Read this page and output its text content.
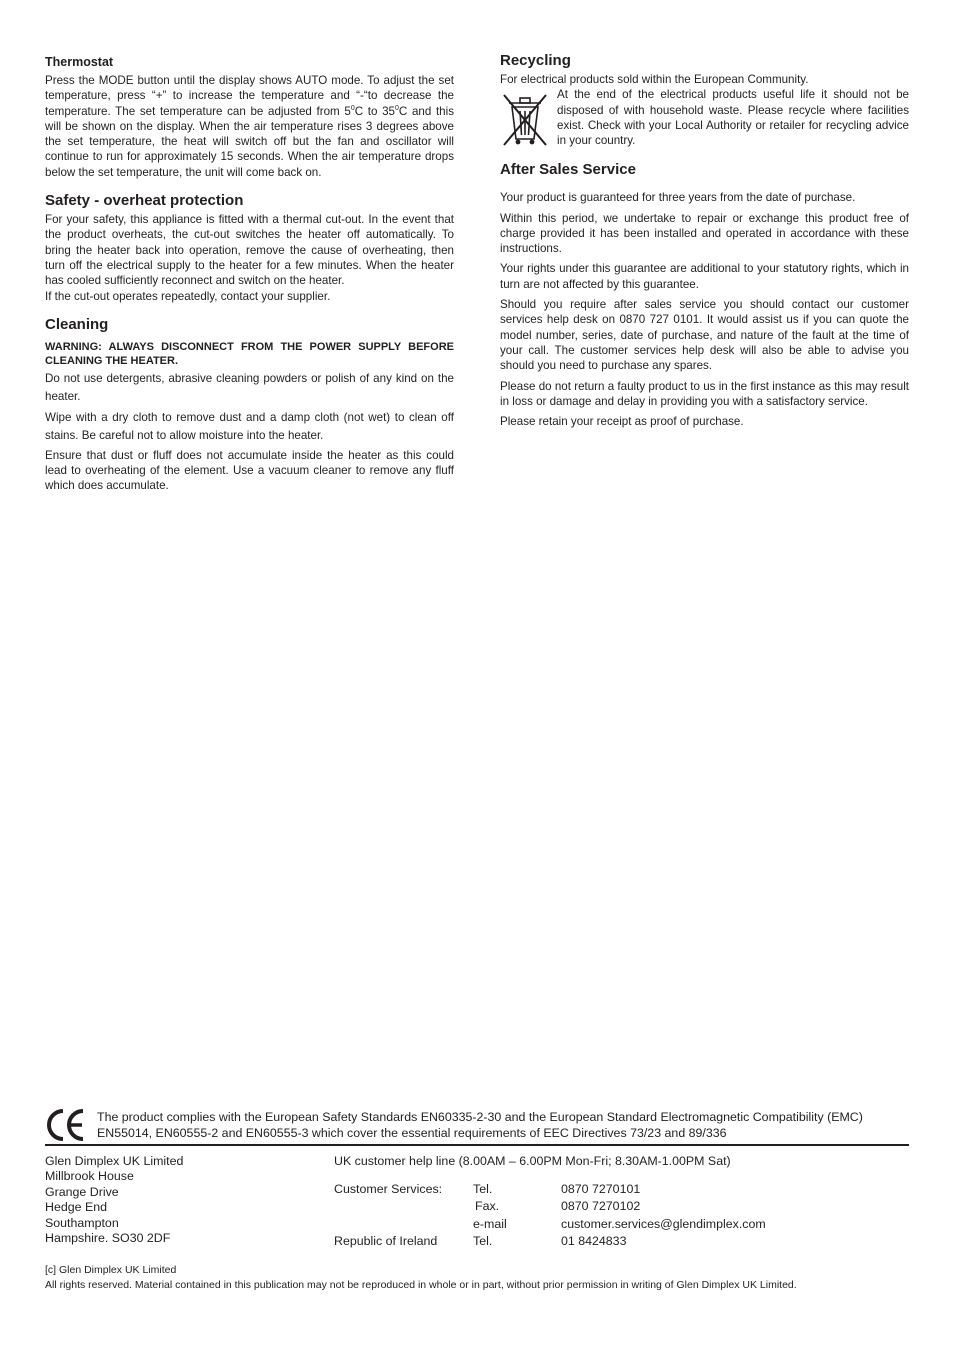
Thermostat

Press the MODE button until the display shows AUTO mode. To adjust the set temperature, press “+” to increase the temperature and “-“to decrease the temperature. The set temperature can be adjusted from $5^0C$ to $35^0C$ and this will be shown on the display. When the air temperature rises 3 degrees above the set temperature, the heat will switch off but the fan and oscillator will continue to run for approximately 15 seconds. When the air temperature drops below the set temperature, the unit will come back on.

Safety - overheat protection

For your safety, this appliance is fitted with a thermal cut-out. In the event that the product overheats, the cut-out switches the heater off automatically. To bring the heater back into operation, remove the cause of overheating, then turn off the electrical supply to the heater for a few minutes. When the heater has cooled sufficiently reconnect and switch on the heater.

If the cut-out operates repeatedly, contact your supplier.

Cleaning

WARNING: ALWAYS DISCONNECT FROM THE POWER SUPPLY BEFORE CLEANING THE HEATER.

Do not use detergents, abrasive cleaning powders or polish of any kind on the heater.

Wipe with a dry cloth to remove dust and a damp cloth (not wet) to clean off stains. Be careful not to allow moisture into the heater.

Ensure that dust or fluff does not accumulate inside the heater as this could lead to overheating of the element. Use a vacuum cleaner to remove any fluff which does accumulate.

Recycling

For electrical products sold within the European Community.

At the end of the electrical products useful life it should not be disposed of with household waste. Please recycle where facilities exist. Check with your Local Authority or retailer for recycling advice in your country.

After Sales Service

Your product is guaranteed for three years from the date of purchase.

Within this period, we undertake to repair or exchange this product free of charge provided it has been installed and operated in accordance with these instructions.

Your rights under this guarantee are additional to your statutory rights, which in turn are not affected by this guarantee.

Should you require after sales service you should contact our customer services help desk on 0870 727 0101. It would assist us if you can quote the model number, series, date of purchase, and nature of the fault at the time of your call. The customer services help desk will also be able to advise you should you need to purchase any spares.

Please do not return a faulty product to us in the first instance as this may result in loss or damage and delay in providing you with a satisfactory service.

Please retain your receipt as proof of purchase.

The product complies with the European Safety Standards EN60335-2-30 and the European Standard Electromagnetic Compatibility (EMC) EN55014, EN60555-2 and EN60555-3 which cover the essential requirements of EEC Directives 73/23 and 89/336
Glen Dimplex UK Limited
Millbrook House
Grange Drive
Hedge End
Southampton
Hampshire. SO30 2DF
UK customer help line (8.00AM – 6.00PM Mon-Fri; 8.30AM-1.00PM Sat)
Customer Services: Tel.	0870 7270101
Fax.	0870 7270102
e-mail	customer.services@glendimplex.com
Republic of Ireland	Tel.	01 8424833
[c] Glen Dimplex UK Limited
All rights reserved. Material contained in this publication may not be reproduced in whole or in part, without prior permission in writing of Glen Dimplex UK Limited.
